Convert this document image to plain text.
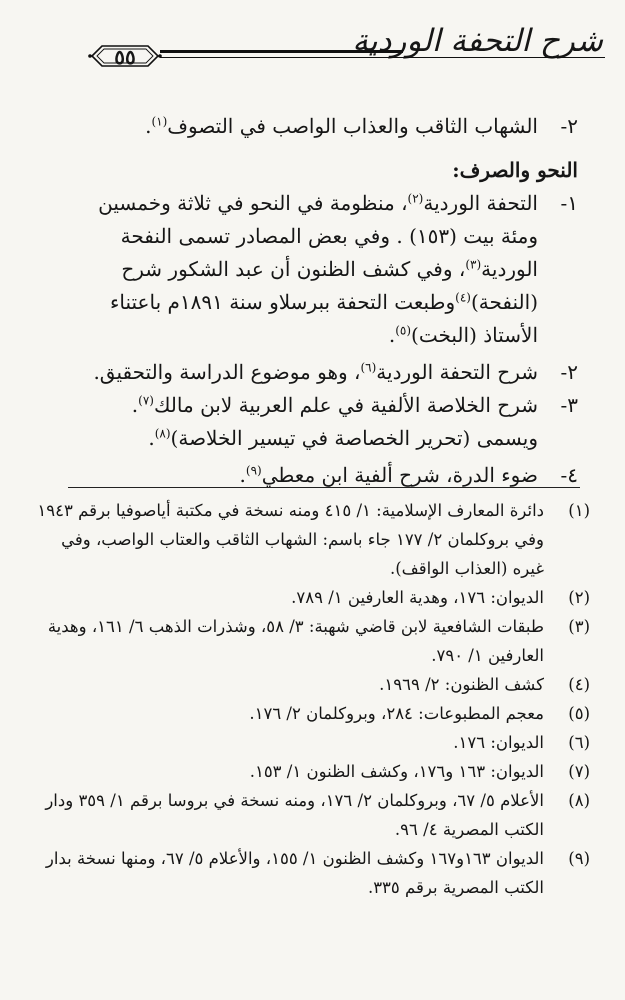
شرح التحفة الوردية
٥٥
٢-
الشهاب الثاقب والعذاب الواصب في التصوف$^{(١)}$.
النحو والصرف:
١-
التحفة الوردية$^{(٢)}$، منظومة في النحو في ثلاثة وخمسين ومئة بيت (١٥٣) . وفي بعض المصادر تسمى النفحة الوردية$^{(٣)}$، وفي كشف الظنون أن عبد الشكور شرح (النفحة)$^{(٤)}$وطبعت التحفة ببرسلاو سنة ١٨٩١م باعتناء الأستاذ (البخت)$^{(٥)}$.
٢-
شرح التحفة الوردية$^{(٦)}$، وهو موضوع الدراسة والتحقيق.
٣-
شرح الخلاصة الألفية في علم العربية لابن مالك$^{(٧)}$.
ويسمى (تحرير الخصاصة في تيسير الخلاصة)$^{(٨)}$.
٤-
ضوء الدرة، شرح ألفية ابن معطي$^{(٩)}$.
(١)
دائرة المعارف الإسلامية: ١/ ٤١٥ ومنه نسخة في مكتبة أياصوفيا برقم ١٩٤٣ وفي بروكلمان ٢/ ١٧٧ جاء باسم: الشهاب الثاقب والعتاب الواصب، وفي غيره (العذاب الواقف).
(٢)
الديوان: ١٧٦، وهدية العارفين ١/ ٧٨٩.
(٣)
طبقات الشافعية لابن قاضي شهبة: ٣/ ٥٨، وشذرات الذهب ٦/ ١٦١، وهدية العارفين ١/ ٧٩٠.
(٤)
كشف الظنون: ٢/ ١٩٦٩.
(٥)
معجم المطبوعات: ٢٨٤، وبروكلمان ٢/ ١٧٦.
(٦)
الديوان: ١٧٦.
(٧)
الديوان: ١٦٣ و١٧٦، وكشف الظنون ١/ ١٥٣.
(٨)
الأعلام ٥/ ٦٧، وبروكلمان ٢/ ١٧٦، ومنه نسخة في بروسا برقم ١/ ٣٥٩ ودار الكتب المصرية ٤/ ٩٦.
(٩)
الديوان ١٦٣و١٦٧ وكشف الظنون ١/ ١٥٥، والأعلام ٥/ ٦٧، ومنها نسخة بدار الكتب المصرية برقم ٣٣٥.
